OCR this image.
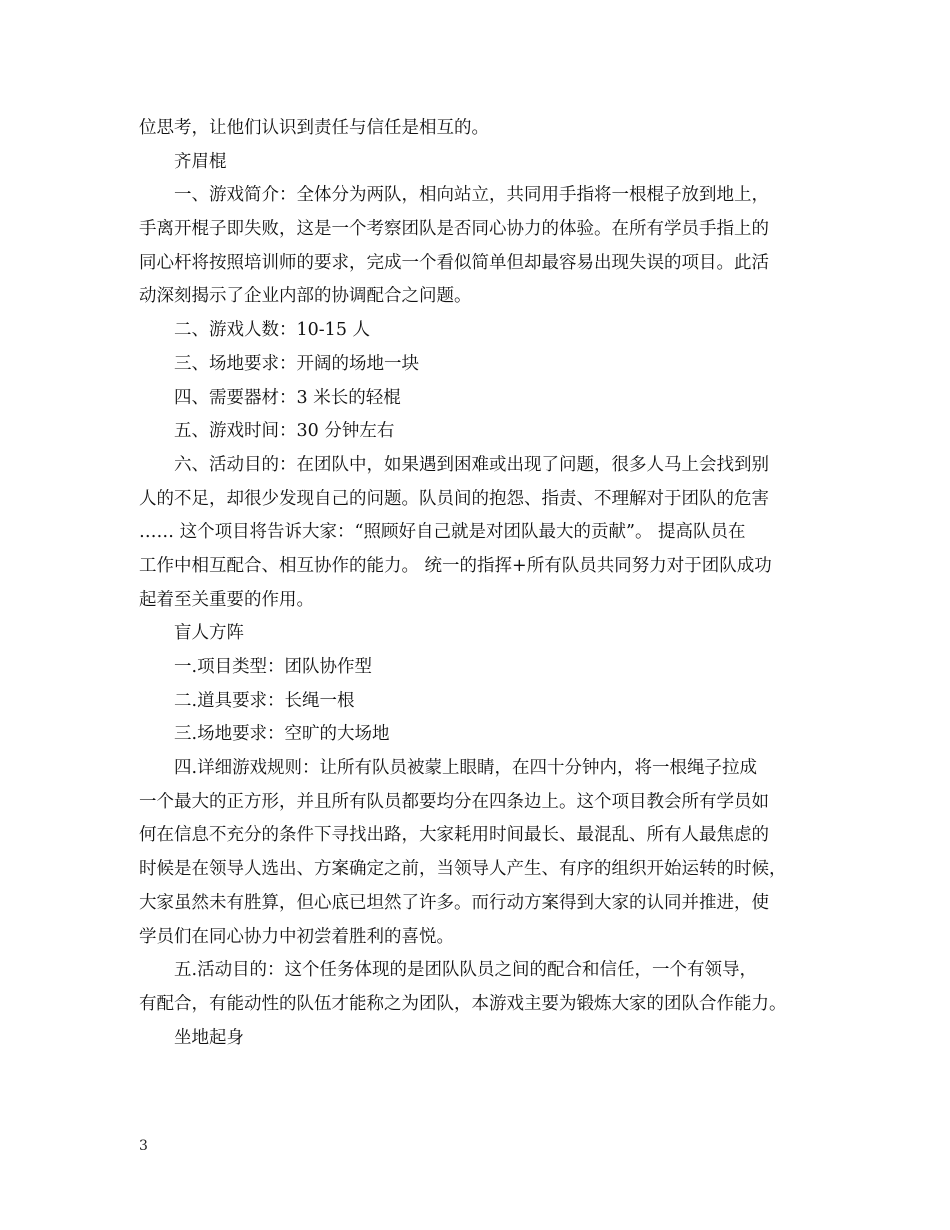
位思考，让他们认识到责任与信任是相互的。
齐眉棍
一、游戏简介：全体分为两队，相向站立，共同用手指将一根棍子放到地上，
手离开棍子即失败，这是一个考察团队是否同心协力的体验。在所有学员手指上的
同心杆将按照培训师的要求，完成一个看似简单但却最容易出现失误的项目。此活
动深刻揭示了企业内部的协调配合之问题。
二、游戏人数：10-15 人
三、场地要求：开阔的场地一块
四、需要器材：3 米长的轻棍
五、游戏时间：30 分钟左右
六、活动目的：在团队中，如果遇到困难或出现了问题，很多人马上会找到别
人的不足，却很少发现自己的问题。队员间的抱怨、指责、不理解对于团队的危害
…… 这个项目将告诉大家：“照顾好自己就是对团队最大的贡献”。 提高队员在
工作中相互配合、相互协作的能力。 统一的指挥+所有队员共同努力对于团队成功
起着至关重要的作用。
盲人方阵
一.项目类型：团队协作型
二.道具要求：长绳一根
三.场地要求：空旷的大场地
四.详细游戏规则：让所有队员被蒙上眼睛，在四十分钟内，将一根绳子拉成
一个最大的正方形，并且所有队员都要均分在四条边上。这个项目教会所有学员如
何在信息不充分的条件下寻找出路，大家耗用时间最长、最混乱、所有人最焦虑的
时候是在领导人选出、方案确定之前，当领导人产生、有序的组织开始运转的时候，
大家虽然未有胜算，但心底已坦然了许多。而行动方案得到大家的认同并推进，使
学员们在同心协力中初尝着胜利的喜悦。
五.活动目的：这个任务体现的是团队队员之间的配合和信任，一个有领导，
有配合，有能动性的队伍才能称之为团队，本游戏主要为锻炼大家的团队合作能力。
坐地起身
3
